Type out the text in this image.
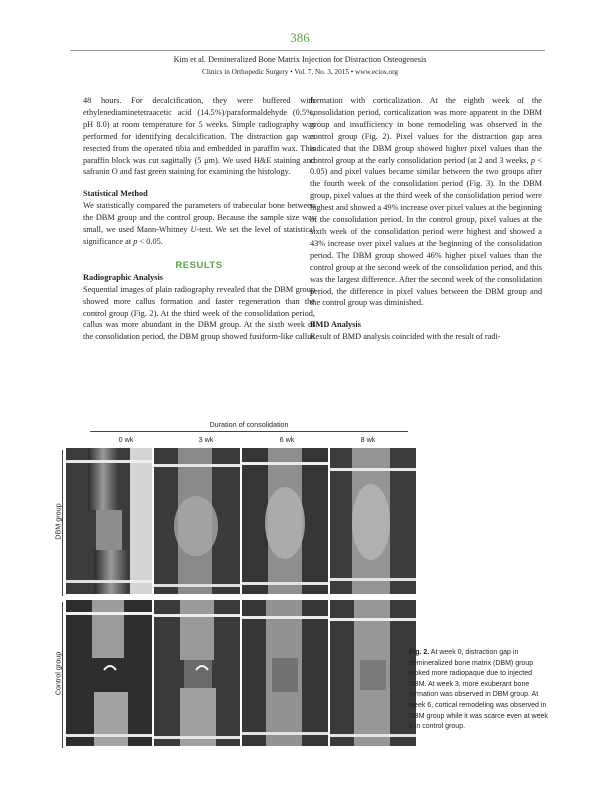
386
Kim et al. Demineralized Bone Matrix Injection for Distraction Osteogenesis
Clinics in Orthopedic Surgery • Vol. 7, No. 3, 2015 • www.ecios.org

48 hours. For decalcification, they were buffered with ethylenediaminetetraacetic acid (14.5%)/paraformaldehyde (0.5%, pH 8.0) at room temperature for 5 weeks. Simple radiography was performed for identifying decalcification. The distraction gap was resected from the operated tibia and embedded in paraffin wax. This paraffin block was cut sagittally (5 μm). We used H&E staining and safranin O and fast green staining for examining the histology.

Statistical Method

We statistically compared the parameters of trabecular bone between the DBM group and the control group. Because the sample size was small, we used Mann-Whitney U-test. We set the level of statistical significance at p < 0.05.

RESULTS

Radiographic Analysis

Sequential images of plain radiography revealed that the DBM group showed more callus formation and faster regeneration than the control group (Fig. 2). At the third week of the consolidation period, callus was more abundant in the DBM group. At the sixth week of the consolidation period, the DBM group showed fusiform-like callus

formation with corticalization. At the eighth week of the consolidation period, corticalization was more apparent in the DBM group and insufficiency in bone remodeling was observed in the control group (Fig. 2). Pixel values for the distraction gap area indicated that the DBM group showed higher pixel values than the control group at the early consolidation period (at 2 and 3 weeks, p < 0.05) and pixel values became similar between the two groups after the fourth week of the consolidation period (Fig. 3). In the DBM group, pixel values at the third week of the consolidation period were highest and showed a 49% increase over pixel values at the beginning of the consolidation period. In the control group, pixel values at the sixth week of the consolidation period were highest and showed a 43% increase over pixel values at the beginning of the consolidation period. The DBM group showed 46% higher pixel values than the control group at the second week of the consolidation period, and this was the largest difference. After the second week of the consolidation period, the difference in pixel values between the DBM group and the control group was diminished.

BMD Analysis

Result of BMD analysis coincided with the result of radi-

Duration of consolidation
0 wk	3 wk	6 wk	8 wk
DBM group
Control group	Fig. 2. At week 0, distraction gap in demineralized bone matrix (DBM) group looked more radiopaque due to injected DBM. At week 3, more exuberant bone formation was observed in DBM group. At week 6, cortical remodeling was observed in DBM group while it was scarce even at week 8 in control group.
